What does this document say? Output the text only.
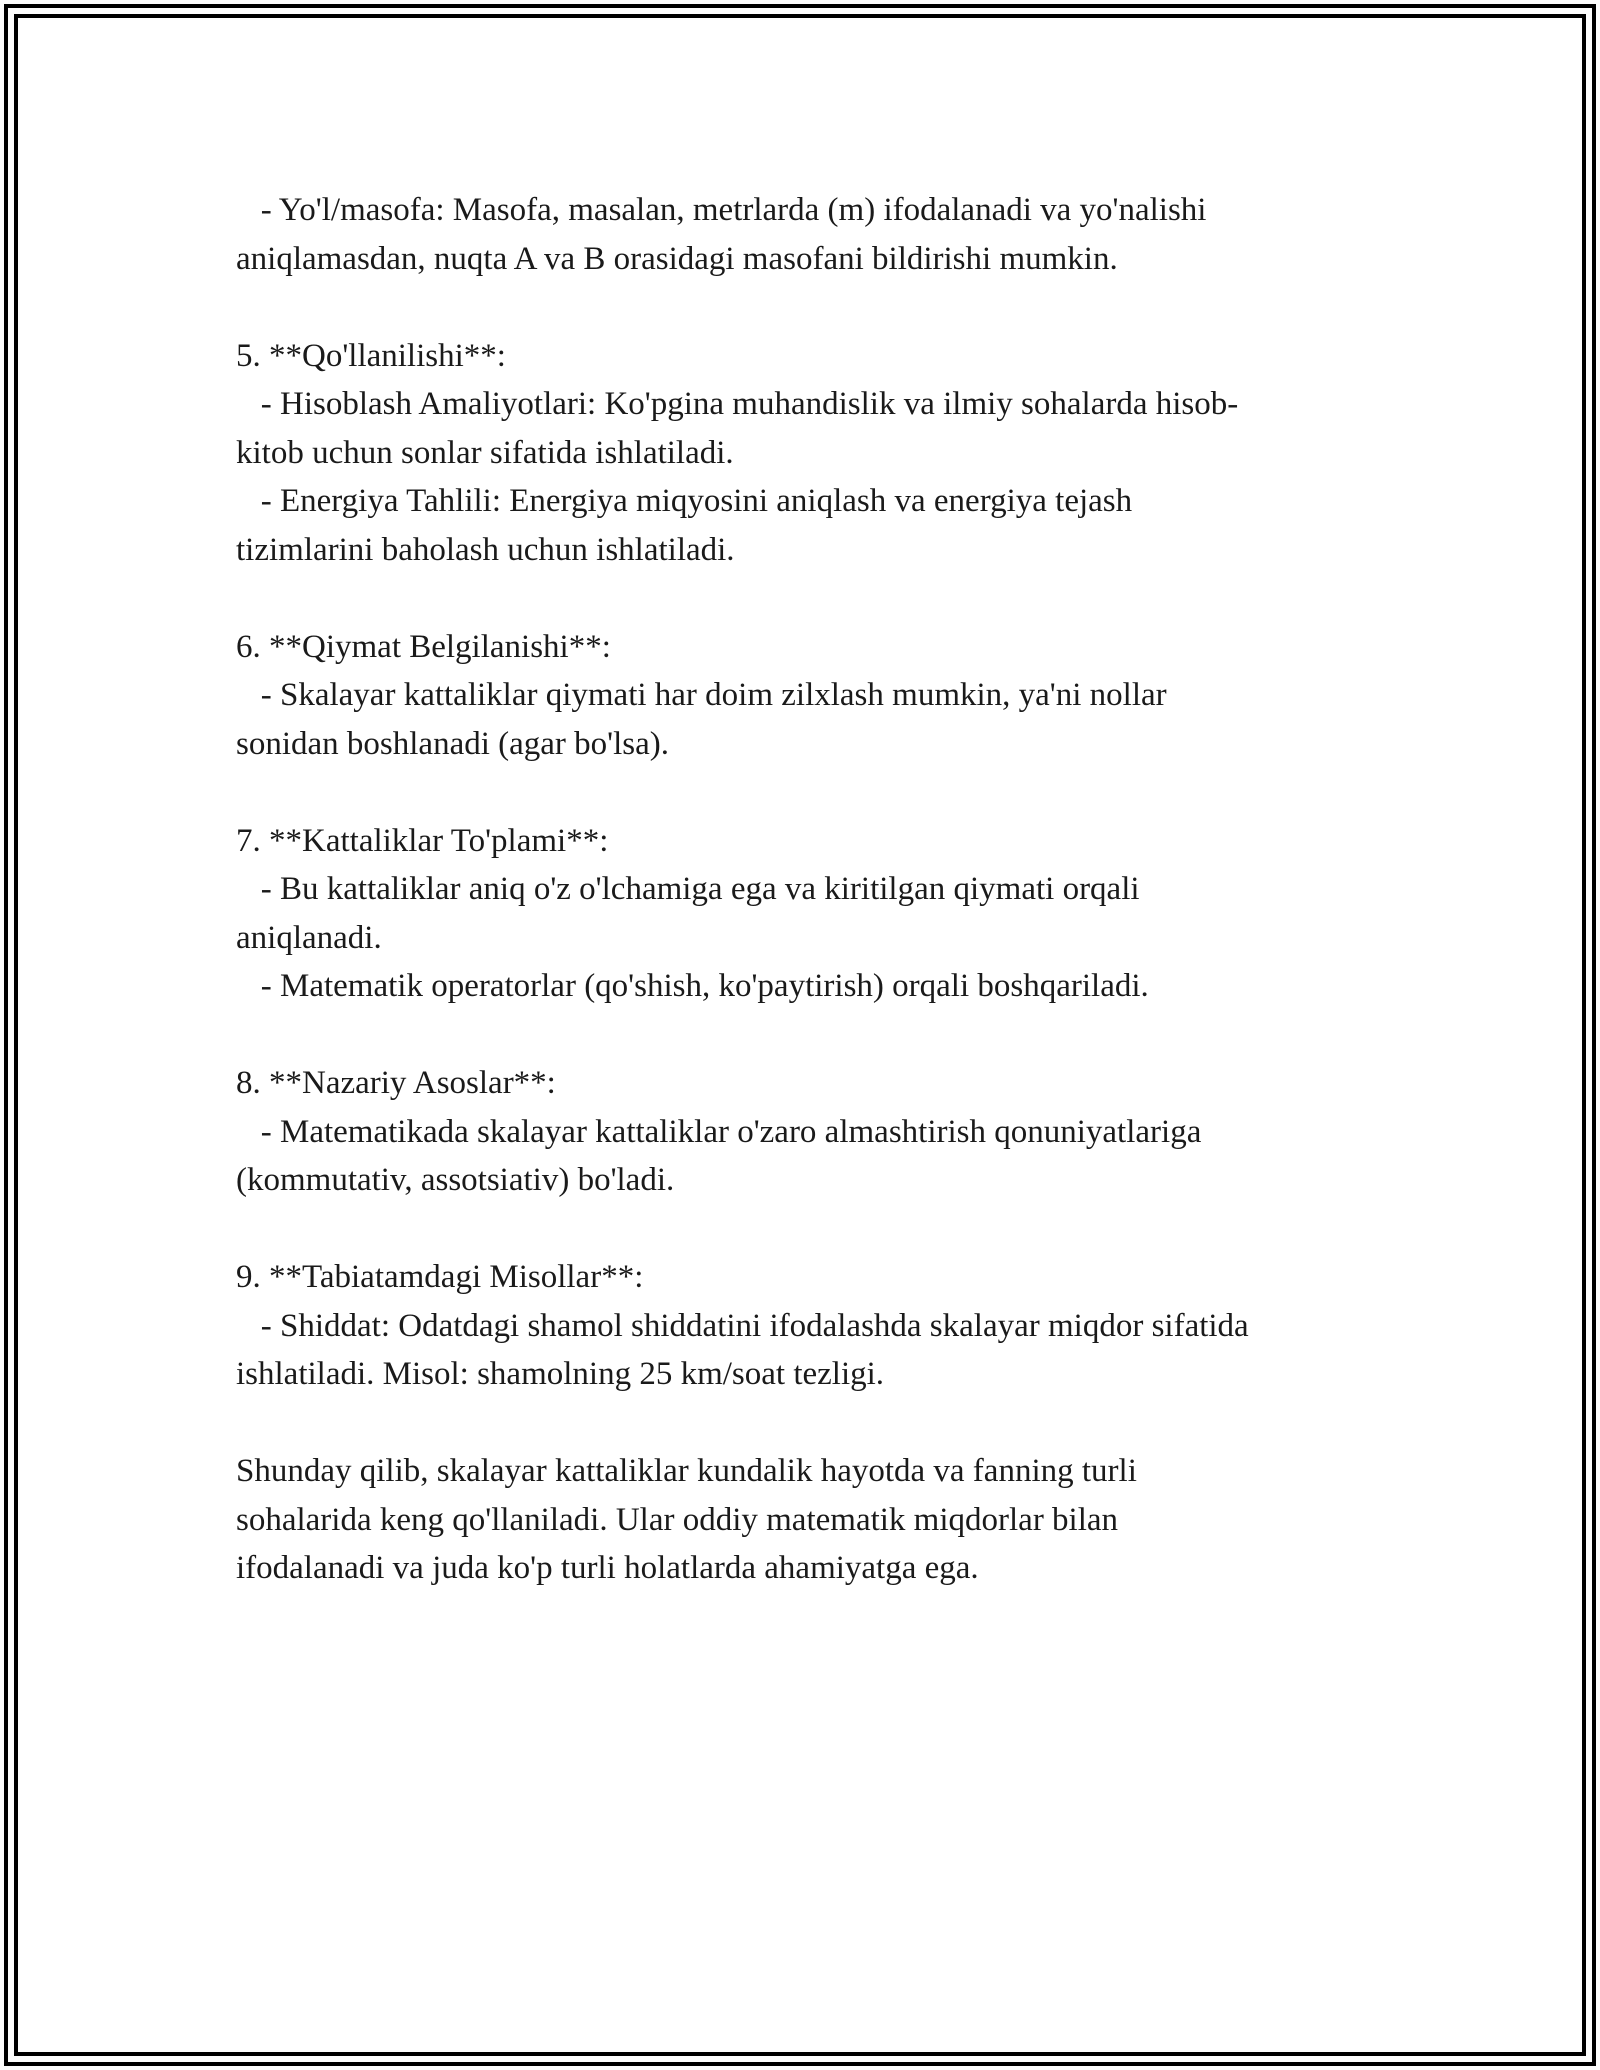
- Yo'l/masofa: Masofa, masalan, metrlarda (m) ifodalanadi va yo'nalishi
aniqlamasdan, nuqta A va B orasidagi masofani bildirishi mumkin.
5. **Qo'llanilishi**:
- Hisoblash Amaliyotlari: Ko'pgina muhandislik va ilmiy sohalarda hisob-
kitob uchun sonlar sifatida ishlatiladi.
- Energiya Tahlili: Energiya miqyosini aniqlash va energiya tejash
tizimlarini baholash uchun ishlatiladi.
6. **Qiymat Belgilanishi**:
- Skalayar kattaliklar qiymati har doim zilxlash mumkin, ya'ni nollar
sonidan boshlanadi (agar bo'lsa).
7. **Kattaliklar To'plami**:
- Bu kattaliklar aniq o'z o'lchamiga ega va kiritilgan qiymati orqali
aniqlanadi.
- Matematik operatorlar (qo'shish, ko'paytirish) orqali boshqariladi.
8. **Nazariy Asoslar**:
- Matematikada skalayar kattaliklar o'zaro almashtirish qonuniyatlariga
(kommutativ, assotsiativ) bo'ladi.
9. **Tabiatamdagi Misollar**:
- Shiddat: Odatdagi shamol shiddatini ifodalashda skalayar miqdor sifatida
ishlatiladi. Misol: shamolning 25 km/soat tezligi.
Shunday qilib, skalayar kattaliklar kundalik hayotda va fanning turli
sohalarida keng qo'llaniladi. Ular oddiy matematik miqdorlar bilan
ifodalanadi va juda ko'p turli holatlarda ahamiyatga ega.
